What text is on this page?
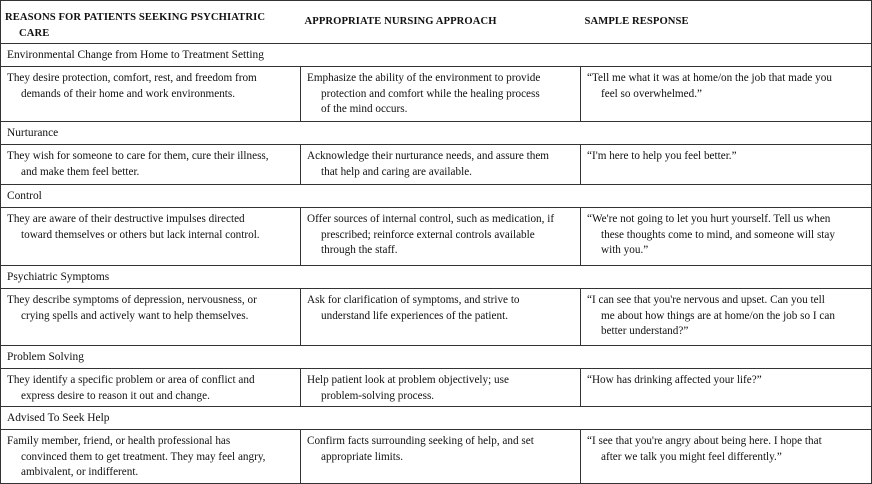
REASONS FOR PATIENTS SEEKING PSYCHIATRIC
CARE	APPROPRIATE NURSING APPROACH	SAMPLE RESPONSE

Environmental Change from Home to Treatment Setting		

They desire protection, comfort, rest, and freedom from
demands of their home and work environments.	Emphasize the ability of the environment to provide
protection and comfort while the healing process
of the mind occurs.	“Tell me what it was at home/on the job that made you
feel so overwhelmed.”

Nurturance		

They wish for someone to care for them, cure their illness,
and make them feel better.	Acknowledge their nurturance needs, and assure them
that help and caring are available.	“I'm here to help you feel better.”

Control		

They are aware of their destructive impulses directed
toward themselves or others but lack internal control.	Offer sources of internal control, such as medication, if
prescribed; reinforce external controls available
through the staff.	“We're not going to let you hurt yourself. Tell us when
these thoughts come to mind, and someone will stay
with you.”

Psychiatric Symptoms		

They describe symptoms of depression, nervousness, or
crying spells and actively want to help themselves.	Ask for clarification of symptoms, and strive to
understand life experiences of the patient.	“I can see that you're nervous and upset. Can you tell
me about how things are at home/on the job so I can
better understand?”

Problem Solving		

They identify a specific problem or area of conflict and
express desire to reason it out and change.	Help patient look at problem objectively; use
problem-solving process.	“How has drinking affected your life?”

Advised To Seek Help		

Family member, friend, or health professional has
convinced them to get treatment. They may feel angry,
ambivalent, or indifferent.	Confirm facts surrounding seeking of help, and set
appropriate limits.	“I see that you're angry about being here. I hope that
after we talk you might feel differently.”
